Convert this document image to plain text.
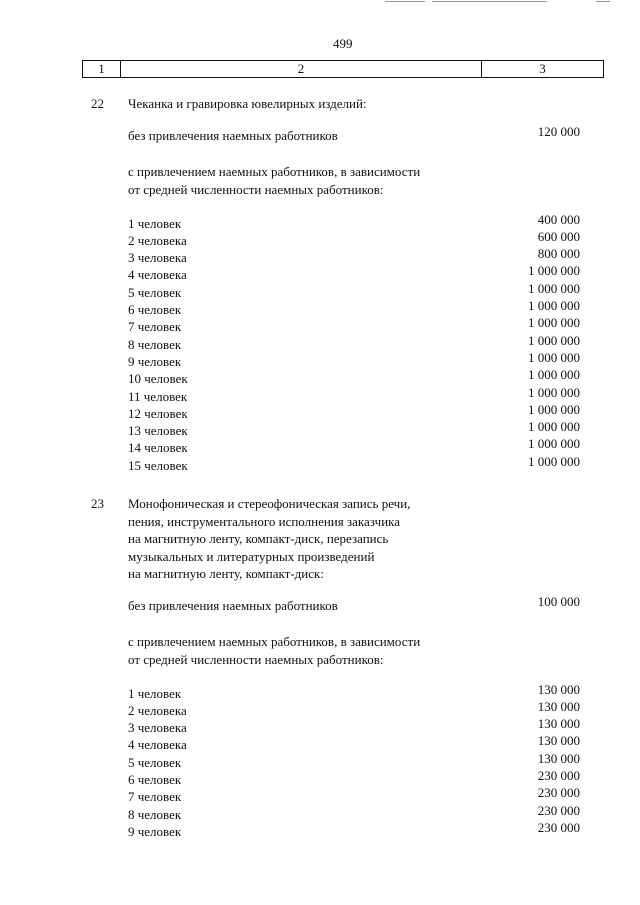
499
1	2	3
22 Чеканка и гравировка ювелирных изделий:
без привлечения наемных работников	120 000
с привлечением наемных работников, в зависимости
от средней численности наемных работников:
1 человек	400 000
2 человека	600 000
3 человека	800 000
4 человека	1 000 000
5 человек	1 000 000
6 человек	1 000 000
7 человек	1 000 000
8 человек	1 000 000
9 человек	1 000 000
10 человек	1 000 000
11 человек	1 000 000
12 человек	1 000 000
13 человек	1 000 000
14 человек	1 000 000
15 человек	1 000 000
23 Монофоническая и стереофоническая запись речи,
пения, инструментального исполнения заказчика
на магнитную ленту, компакт-диск, перезапись
музыкальных и литературных произведений
на магнитную ленту, компакт-диск:
без привлечения наемных работников	100 000
с привлечением наемных работников, в зависимости
от средней численности наемных работников:
1 человек	130 000
2 человека	130 000
3 человека	130 000
4 человека	130 000
5 человек	130 000
6 человек	230 000
7 человек	230 000
8 человек	230 000
9 человек	230 000
